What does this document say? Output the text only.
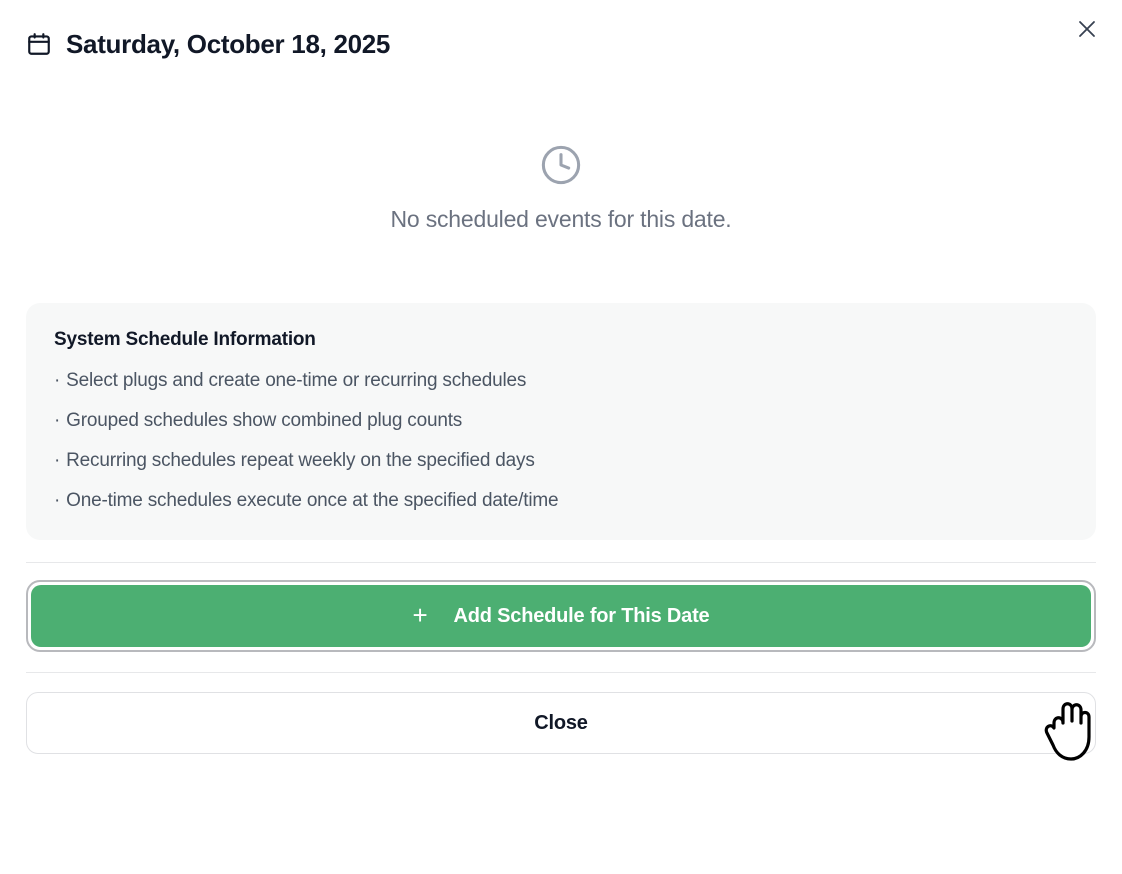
Saturday, October 18, 2025
No scheduled events for this date.
System Schedule Information
· Select plugs and create one-time or recurring schedules
· Grouped schedules show combined plug counts
· Recurring schedules repeat weekly on the specified days
· One-time schedules execute once at the specified date/time
+ Add Schedule for This Date
Close
